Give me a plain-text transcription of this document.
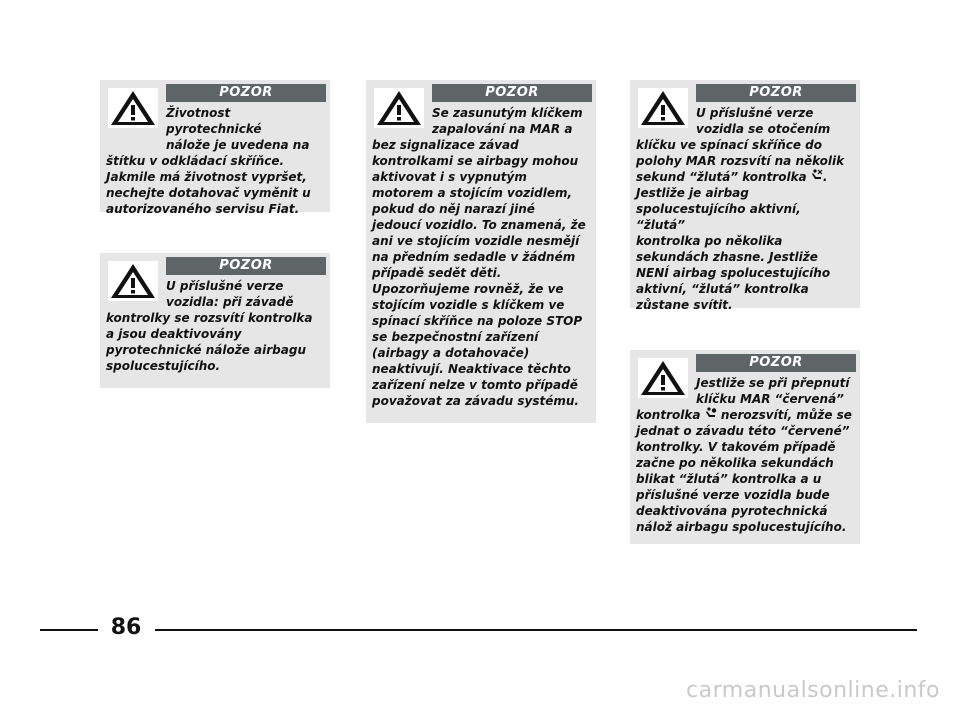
POZOR
Životnost pyrotechnické
nálože je uvedena na
štítku v odkládací skříňce.
Jakmile má životnost vypršet,
nechejte dotahovač vyměnit u
autorizovaného servisu Fiat.
POZOR
U příslušné verze
vozidla: při závadě
kontrolky se rozsvítí kontrolka
a jsou deaktivovány
pyrotechnické nálože airbagu
spolucestujícího.
POZOR
Se zasunutým klíčkem
zapalování na MAR a
bez signalizace závad
kontrolkami se airbagy mohou
aktivovat i s vypnutým
motorem a stojícím vozidlem,
pokud do něj narazí jiné
jedoucí vozidlo. To znamená, že
ani ve stojícím vozidle nesmějí
na předním sedadle v žádném
případě sedět děti.
Upozorňujeme rovněž, že ve
stojícím vozidle s klíčkem ve
spínací skříňce na poloze STOP
se bezpečnostní zařízení
(airbagy a dotahovače)
neaktivují. Neaktivace těchto
zařízení nelze v tomto případě
považovat za závadu systému.
POZOR
U příslušné verze
vozidla se otočením
klíčku ve spínací skříňce do
polohy MAR rozsvítí na několik
sekund “žlutá” kontrolka .
Jestliže je airbag
spolucestujícího aktivní, “žlutá”
kontrolka po několika
sekundách zhasne. Jestliže
NENÍ airbag spolucestujícího
aktivní, “žlutá” kontrolka
zůstane svítit.
POZOR
Jestliže se při přepnutí
klíčku MAR “červená”
kontrolka nerozsvítí, může se
jednat o závadu této “červené”
kontrolky. V takovém případě
začne po několika sekundách
blikat “žlutá” kontrolka a u
příslušné verze vozidla bude
deaktivována pyrotechnická
nálož airbagu spolucestujícího.
86
carmanualsonline.info
